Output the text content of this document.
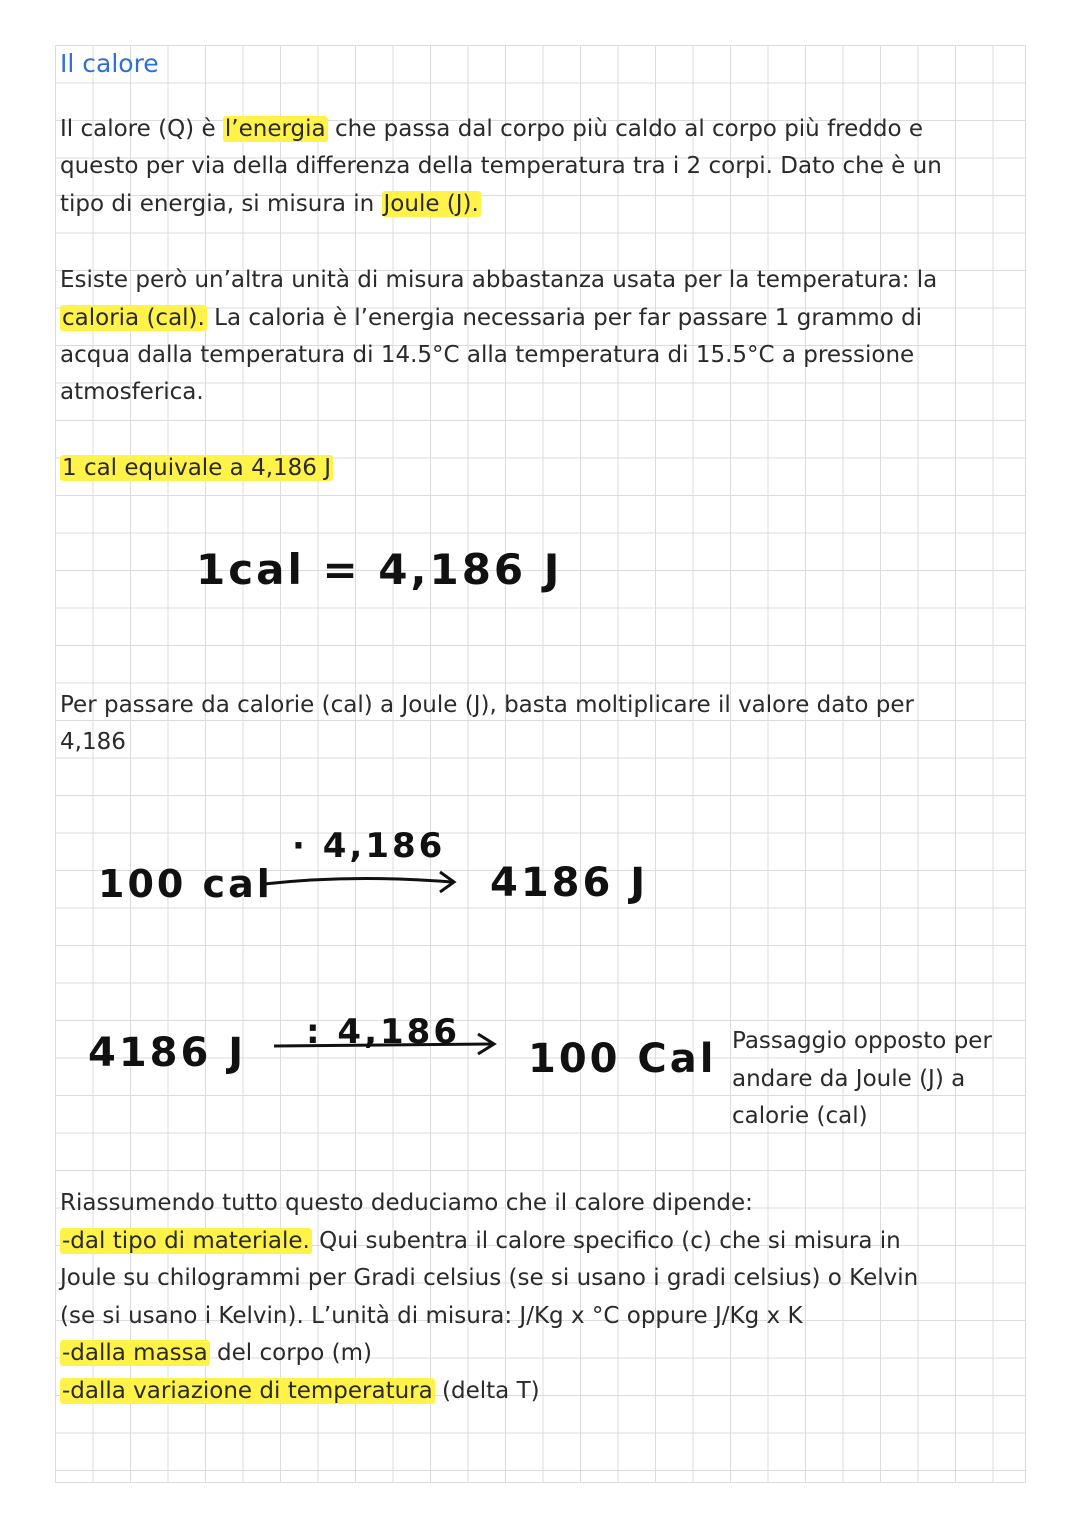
Il calore

Il calore (Q) è l’energia che passa dal corpo più caldo al corpo più freddo e

questo per via della differenza della temperatura tra i 2 corpi. Dato che è un

tipo di energia, si misura in Joule (J).

Esiste però un’altra unità di misura abbastanza usata per la temperatura: la

caloria (cal). La caloria è l’energia necessaria per far passare 1 grammo di

acqua dalla temperatura di 14.5°C alla temperatura di 15.5°C a pressione

atmosferica.

1 cal equivale a 4,186 J

1cal = 4,186 J

Per passare da calorie (cal) a Joule (J), basta moltiplicare il valore dato per

4,186

100 cal
· 4,186
4186 J
4186 J : 4,186
100 Cal Passaggio opposto per
andare da Joule (J) a
calorie (cal)

Riassumendo tutto questo deduciamo che il calore dipende:

-dal tipo di materiale. Qui subentra il calore specifico (c) che si misura in

Joule su chilogrammi per Gradi celsius (se si usano i gradi celsius) o Kelvin

(se si usano i Kelvin). L’unità di misura: J/Kg x °C oppure J/Kg x K

-dalla massa del corpo (m)

-dalla variazione di temperatura (delta T)
